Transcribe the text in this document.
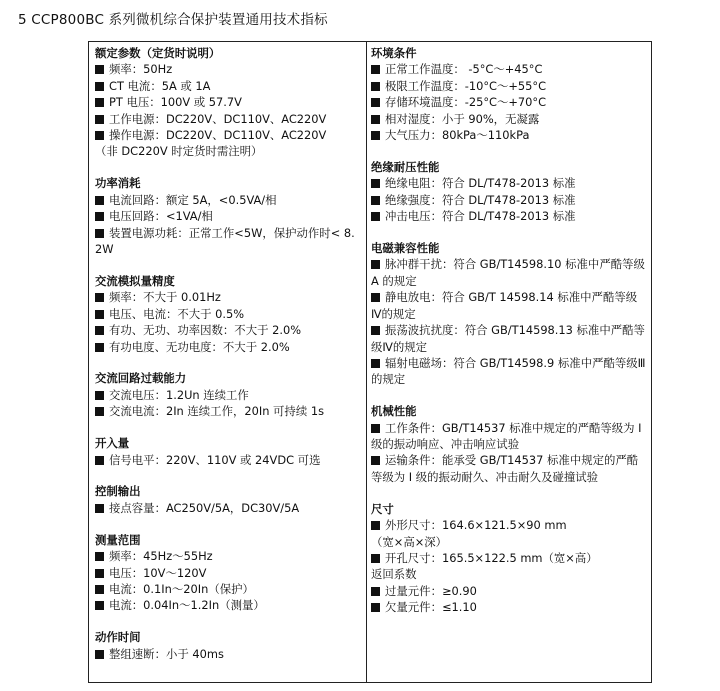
5 CCP800BC 系列微机综合保护装置通用技术指标
额定参数（定货时说明）
频率：50Hz
CT 电流：5A 或 1A
PT 电压：100V 或 57.7V
工作电源：DC220V、DC110V、AC220V
操作电源：DC220V、DC110V、AC220V
（非 DC220V 时定货时需注明）
功率消耗
电流回路：额定 5A，<0.5VA/相
电压回路：<1VA/相
装置电源功耗：正常工作<5W，保护动作时< 8.2W
交流模拟量精度
频率：不大于 0.01Hz
电压、电流：不大于 0.5%
有功、无功、功率因数：不大于 2.0%
有功电度、无功电度：不大于 2.0%
交流回路过载能力
交流电压：1.2Un 连续工作
交流电流：2In 连续工作，20In 可持续 1s
开入量
信号电平：220V、110V 或 24VDC 可选
控制输出
接点容量：AC250V/5A，DC30V/5A
测量范围
频率：45Hz～55Hz
电压：10V～120V
电流：0.1In～20In（保护）
电流：0.04In～1.2In（测量）
动作时间
整组速断：小于 40ms
环境条件
正常工作温度： -5°C～+45°C
极限工作温度：-10°C～+55°C
存储环境温度：-25°C～+70°C
相对湿度：小于 90%，无凝露
大气压力：80kPa～110kPa
绝缘耐压性能
绝缘电阻：符合 DL/T478-2013 标准
绝缘强度：符合 DL/T478-2013 标准
冲击电压：符合 DL/T478-2013 标准
电磁兼容性能
脉冲群干扰：符合 GB/T14598.10 标准中严酷等级 A 的规定
静电放电：符合 GB/T 14598.14 标准中严酷等级Ⅳ的规定
振荡波抗扰度：符合 GB/T14598.13 标准中严酷等级Ⅳ的规定
辐射电磁场：符合 GB/T14598.9 标准中严酷等级Ⅲ的规定
机械性能
工作条件：GB/T14537 标准中规定的严酷等级为 I 级的振动响应、冲击响应试验
运输条件：能承受 GB/T14537 标准中规定的严酷等级为 I 级的振动耐久、冲击耐久及碰撞试验
尺寸
外形尺寸：164.6×121.5×90 mm
（宽×高×深）
开孔尺寸：165.5×122.5 mm（宽×高）
返回系数
过量元件：≥0.90
欠量元件：≤1.10
